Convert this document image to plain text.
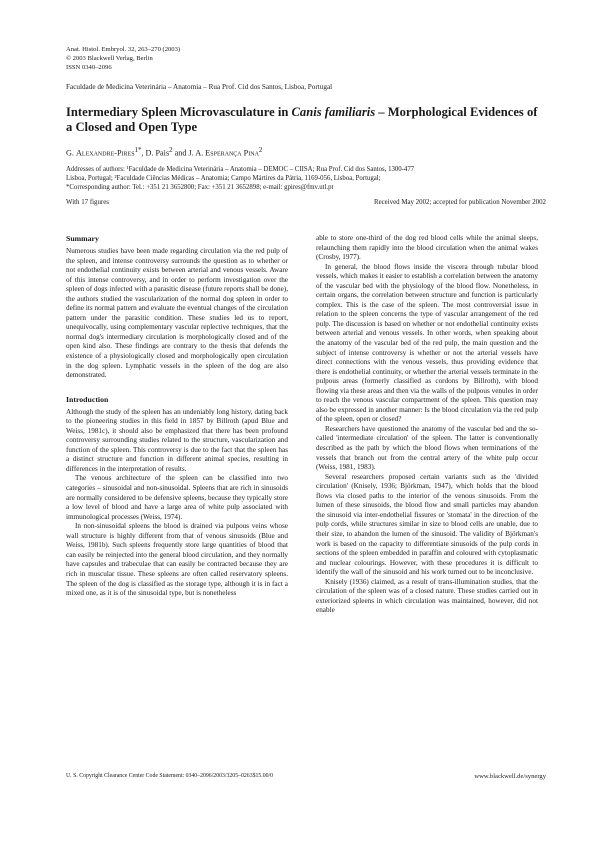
Anat. Histol. Embryol. 32, 263–270 (2003)
© 2003 Blackwell Verlag, Berlin
ISSN 0340–2096
Faculdade de Medicina Veterinária – Anatomia – Rua Prof. Cid dos Santos, Lisboa, Portugal
Intermediary Spleen Microvasculature in Canis familiaris – Morphological Evidences of a Closed and Open Type
G. Alexandre-Pires$^{1*}$, D. Pais$^2$ and J. A. Esperança Pina$^2$
Addresses of authors: ¹Faculdade de Medicina Veterinária – Anatomia – DEMOC – CIISA; Rua Prof. Cid dos Santos, 1300-477
Lisboa, Portugal; ²Faculdade Ciências Médicas – Anatomia; Campo Mártires da Pátria, 1169-056, Lisboa, Portugal;
*Corresponding author: Tel.: +351 21 3652800; Fax: +351 21 3652898; e-mail: gpires@fmv.utl.pt
With 17 figures	Received May 2002; accepted for publication November 2002
Summary

Numerous studies have been made regarding circulation via the red pulp of the spleen, and intense controversy surrounds the question as to whether or not endothelial continuity exists between arterial and venous vessels. Aware of this intense controversy, and in order to perform investigation over the spleen of dogs infected with a parasitic disease (future reports shall be done), the authors studied the vascularization of the normal dog spleen in order to define its normal pattern and evaluate the eventual changes of the circulation pattern under the parasitic condition. These studies led us to report, unequivocally, using complementary vascular replective techniques, that the normal dog's intermediary circulation is morphologically closed and of the open kind also. These findings are contrary to the thesis that defends the existence of a physiologically closed and morphologically open circulation in the dog spleen. Lymphatic vessels in the spleen of the dog are also demonstrated.

Introduction

Although the study of the spleen has an undeniably long history, dating back to the pioneering studies in this field in 1857 by Billroth (apud Blue and Weiss, 1981c), it should also be emphasized that there has been profound controversy surrounding studies related to the structure, vascularization and function of the spleen. This controversy is due to the fact that the spleen has a distinct structure and function in different animal species, resulting in differences in the interpretation of results.

The venous architecture of the spleen can be classified into two categories – sinusoidal and non-sinusoidal. Spleens that are rich in sinusoids are normally considered to be defensive spleens, because they typically store a low level of blood and have a large area of white pulp associated with immunological processes (Weiss, 1974).

In non-sinusoidal spleens the blood is drained via pulpous veins whose wall structure is highly different from that of venous sinusoids (Blue and Weiss, 1981b). Such spleens frequently store large quantities of blood that can easily be reinjected into the general blood circulation, and they normally have capsules and trabeculae that can easily be contracted because they are rich in muscular tissue. These spleens are often called reservatory spleens. The spleen of the dog is classified as the storage type, although it is in fact a mixed one, as it is of the sinusoidal type, but is nonetheless

able to store one-third of the dog red blood cells while the animal sleeps, relaunching them rapidly into the blood circulation when the animal wakes (Crosby, 1977).

In general, the blood flows inside the viscera through tubular blood vessels, which makes it easier to establish a correlation between the anatomy of the vascular bed with the physiology of the blood flow. Nonetheless, in certain organs, the correlation between structure and function is particularly complex. This is the case of the spleen. The most controversial issue in relation to the spleen concerns the type of vascular arrangement of the red pulp. The discussion is based on whether or not endothelial continuity exists between arterial and venous vessels. In other words, when speaking about the anatomy of the vascular bed of the red pulp, the main question and the subject of intense controversy is whether or not the arterial vessels have direct connections with the venous vessels, thus providing evidence that there is endothelial continuity, or whether the arterial vessels terminate in the pulpous areas (formerly classified as cordons by Billroth), with blood flowing via these areas and then via the walls of the pulpous venules in order to reach the venous vascular compartment of the spleen. This question may also be expressed in another manner: Is the blood circulation via the red pulp of the spleen, open or closed?

Researchers have questioned the anatomy of the vascular bed and the so-called 'intermediate circulation' of the spleen. The latter is conventionally described as the path by which the blood flows when terminations of the vessels that branch out from the central artery of the white pulp occur (Weiss, 1981, 1983).

Several researchers proposed certain variants such as the 'divided circulation' (Knisely, 1936; Björkman, 1947), which holds that the blood flows via closed paths to the interior of the venous sinusoids. From the lumen of these sinusoids, the blood flow and small particles may abandon the sinusoid via inter-endothelial fissures or 'stomata' in the direction of the pulp cords, while structures similar in size to blood cells are unable, due to their size, to abandon the lumen of the sinusoid. The validity of Björkman's work is based on the capacity to differentiate sinusoids of the pulp cords in sections of the spleen embedded in paraffin and coloured with cytoplasmatic and nuclear colourings. However, with these procedures it is difficult to identify the wall of the sinusoid and his work turned out to be inconclusive.

Knisely (1936) claimed, as a result of trans-illumination studies, that the circulation of the spleen was of a closed nature. These studies carried out in exteriorized spleens in which circulation was maintained, however, did not enable

U. S. Copyright Clearance Center Code Statement: 0340–2096/2003/3205–0263$15.00/0	www.blackwell.de/synergy
